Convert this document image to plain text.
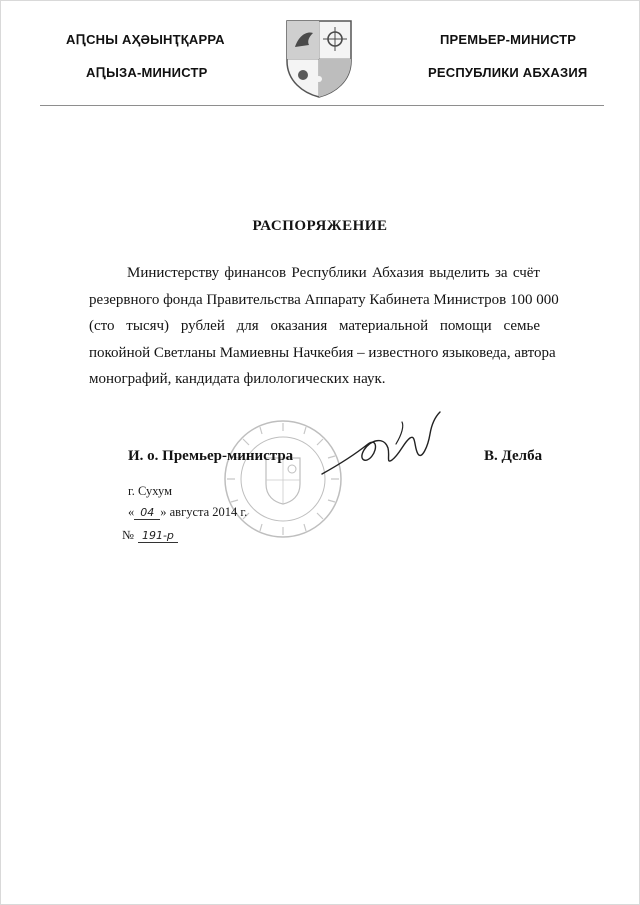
АԤСНЫ АҲӘЫНҬҚАРРА
АԤЫЗА-МИНИСТР
ПРЕМЬЕР-МИНИСТР
РЕСПУБЛИКИ АБХАЗИЯ
РАСПОРЯЖЕНИЕ
Министерству финансов Республики Абхазия выделить за счёт
резервного фонда Правительства Аппарату Кабинета Министров 100 000
(сто тысяч) рублей для оказания материальной помощи семье
покойной Светланы Мамиевны Начкебия – известного языковеда, автора
монографий, кандидата филологических наук.
И. о. Премьер-министра	В. Делба
г. Сухум
« 04 » августа 2014 г.
№ 191-р
